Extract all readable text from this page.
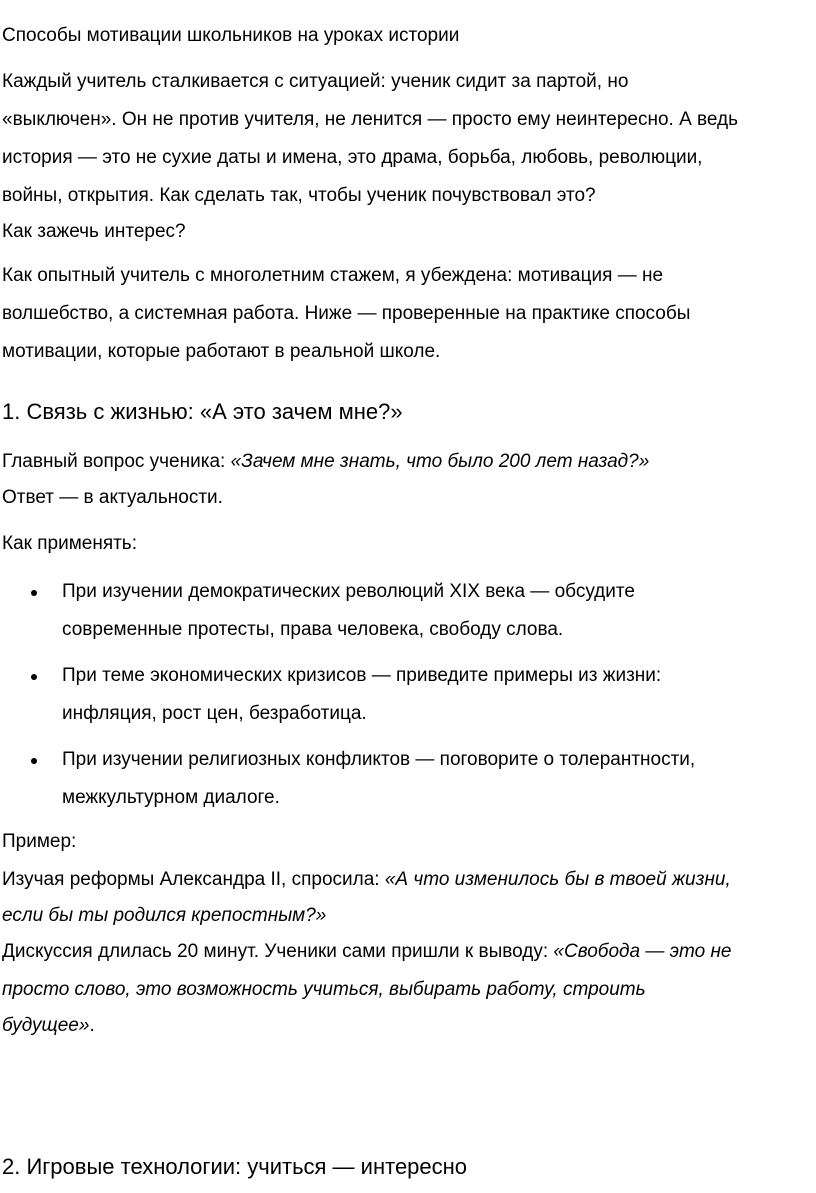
Способы мотивации школьников на уроках истории
Каждый учитель сталкивается с ситуацией: ученик сидит за партой, но
«выключен». Он не против учителя, не ленится — просто ему неинтересно. А ведь
история — это не сухие даты и имена, это драма, борьба, любовь, революции,
войны, открытия. Как сделать так, чтобы ученик почувствовал это?
Как зажечь интерес?
Как опытный учитель с многолетним стажем, я убеждена: мотивация — не
волшебство, а системная работа. Ниже — проверенные на практике способы
мотивации, которые работают в реальной школе.
1. Связь с жизнью: «А это зачем мне?»
Главный вопрос ученика: «Зачем мне знать, что было 200 лет назад?»
Ответ — в актуальности.
Как применять:
При изучении демократических революций XIX века — обсудите
современные протесты, права человека, свободу слова.
При теме экономических кризисов — приведите примеры из жизни:
инфляция, рост цен, безработица.
При изучении религиозных конфликтов — поговорите о толерантности,
межкультурном диалоге.
Пример:
Изучая реформы Александра II, спросила: «А что изменилось бы в твоей жизни,
если бы ты родился крепостным?»
Дискуссия длилась 20 минут. Ученики сами пришли к выводу: «Свобода — это не
просто слово, это возможность учиться, выбирать работу, строить
будущее».
2. Игровые технологии: учиться — интересно
